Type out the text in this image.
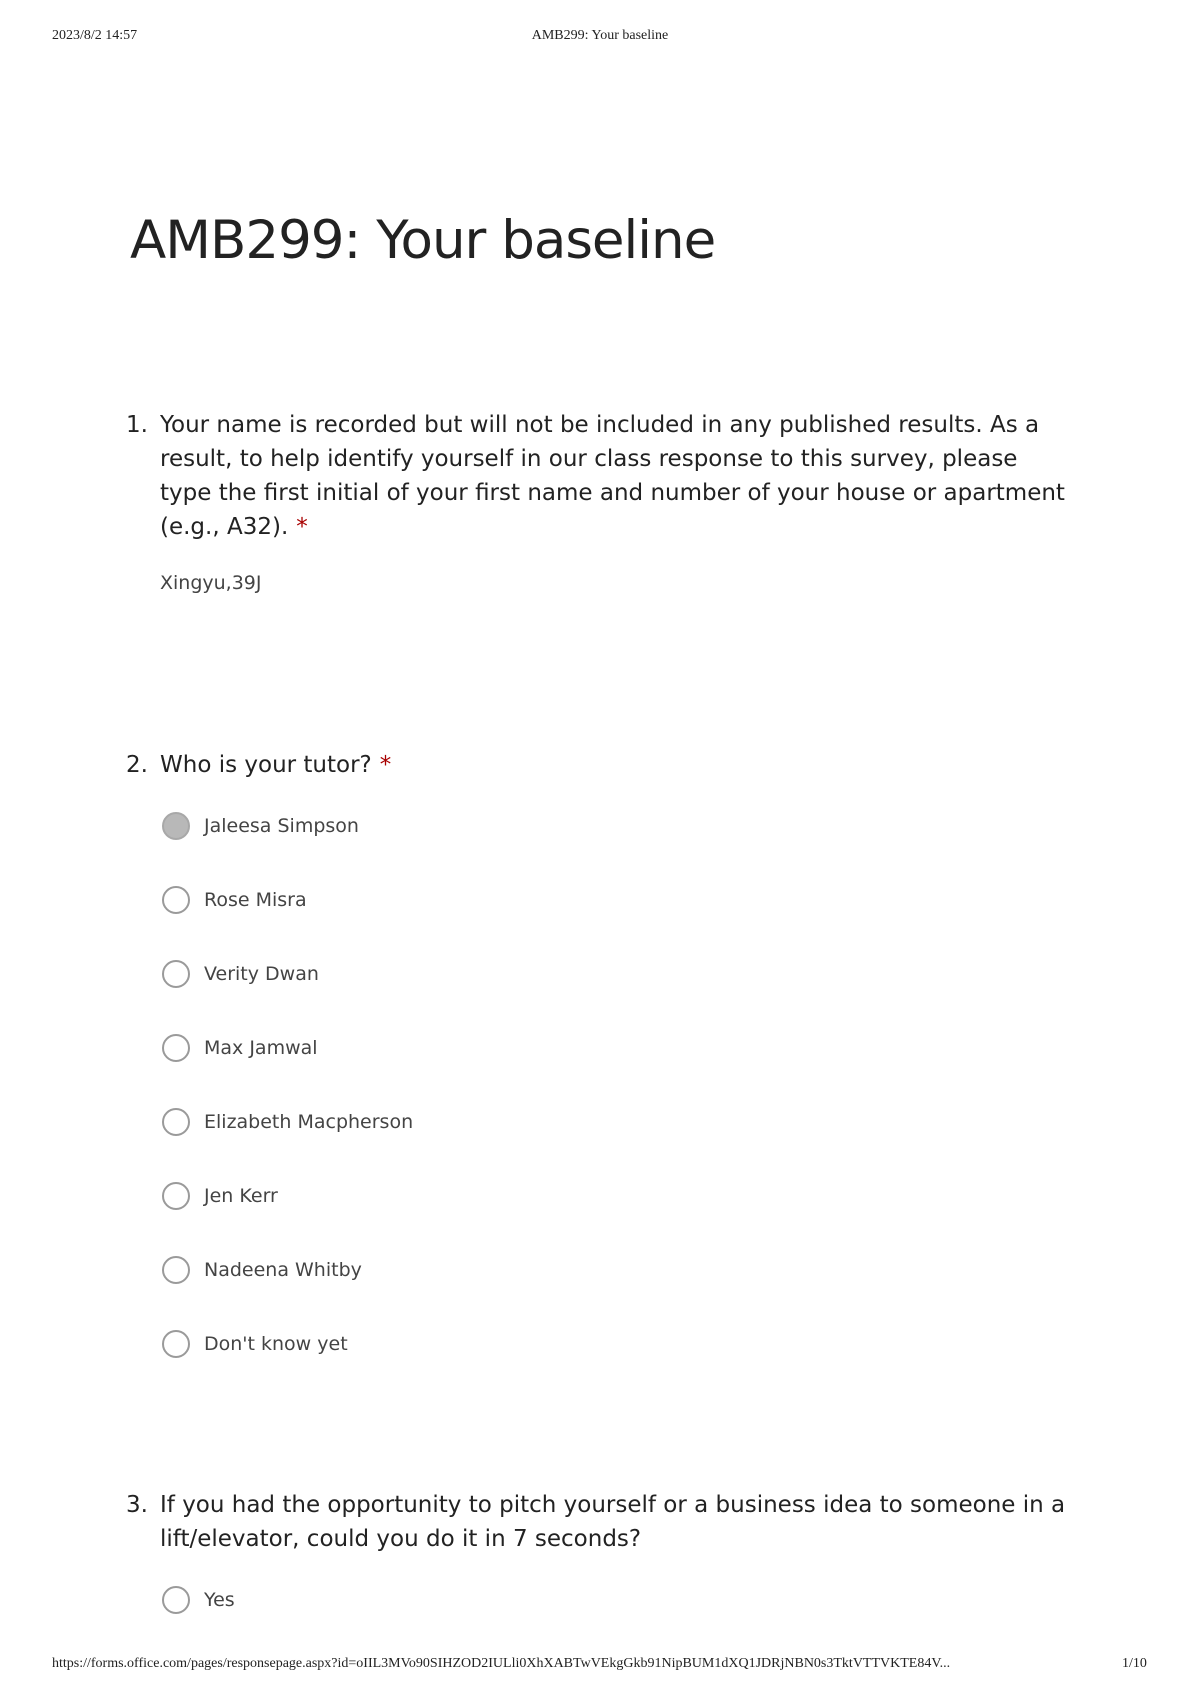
2023/8/2 14:57	AMB299: Your baseline
AMB299: Your baseline
1. Your name is recorded but will not be included in any published results. As a result, to help identify yourself in our class response to this survey, please type the first initial of your first name and number of your house or apartment (e.g., A32). *
Xingyu,39J
2. Who is your tutor? *
Jaleesa Simpson
Rose Misra
Verity Dwan
Max Jamwal
Elizabeth Macpherson
Jen Kerr
Nadeena Whitby
Don't know yet
3. If you had the opportunity to pitch yourself or a business idea to someone in a lift/elevator, could you do it in 7 seconds?
Yes
https://forms.office.com/pages/responsepage.aspx?id=oIIL3MVo90SIHZOD2IULli0XhXABTwVEkgGkb91NipBUM1dXQ1JDRjNBN0s3TktVTTVKTE84V...	1/10
